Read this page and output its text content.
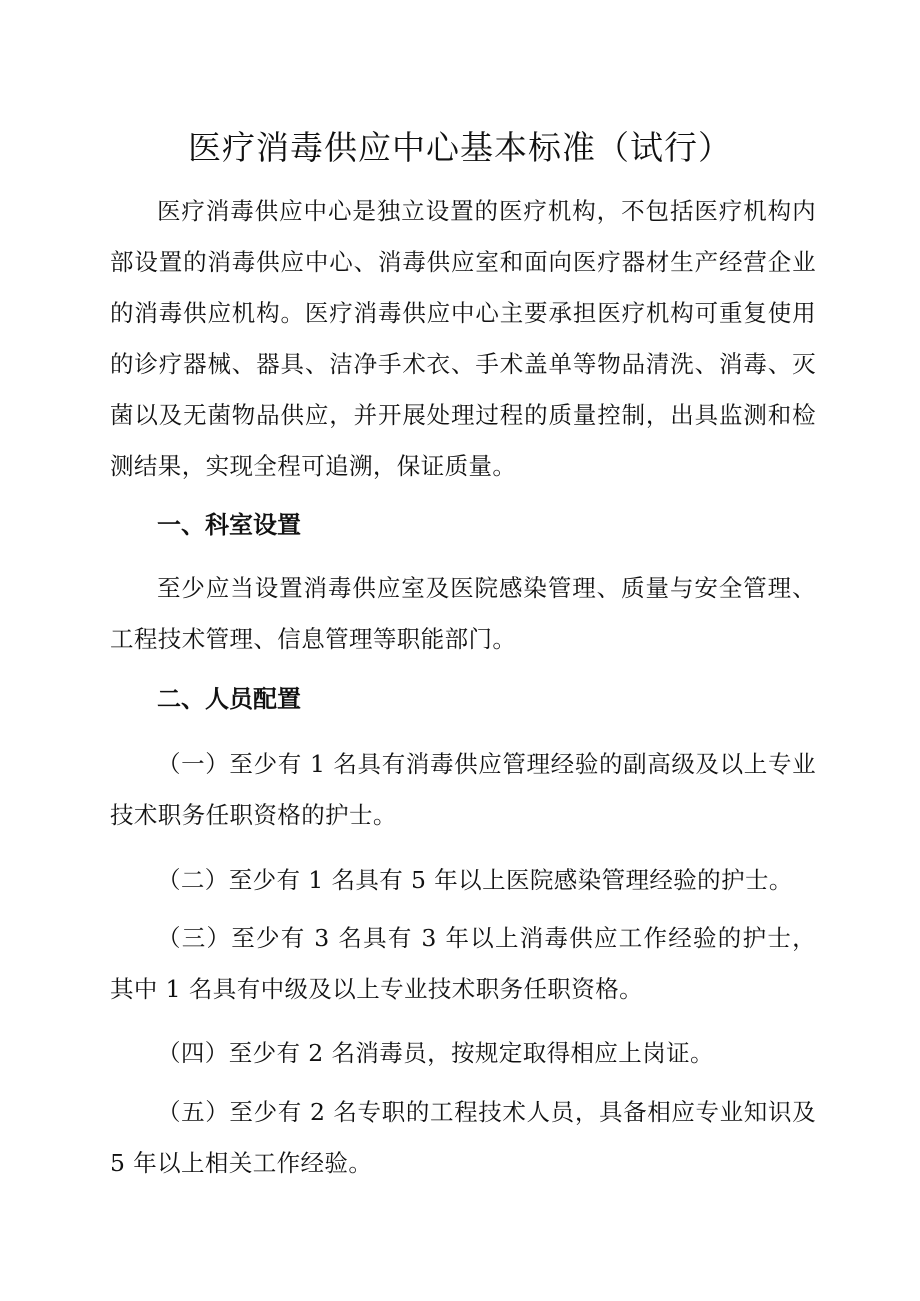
医疗消毒供应中心基本标准（试行）

医疗消毒供应中心是独立设置的医疗机构，不包括医疗机构内部设置的消毒供应中心、消毒供应室和面向医疗器材生产经营企业的消毒供应机构。医疗消毒供应中心主要承担医疗机构可重复使用的诊疗器械、器具、洁净手术衣、手术盖单等物品清洗、消毒、灭菌以及无菌物品供应，并开展处理过程的质量控制，出具监测和检测结果，实现全程可追溯，保证质量。

一、科室设置

至少应当设置消毒供应室及医院感染管理、质量与安全管理、工程技术管理、信息管理等职能部门。

二、人员配置

（一）至少有 1 名具有消毒供应管理经验的副高级及以上专业技术职务任职资格的护士。

（二）至少有 1 名具有 5 年以上医院感染管理经验的护士。

（三）至少有 3 名具有 3 年以上消毒供应工作经验的护士，其中 1 名具有中级及以上专业技术职务任职资格。

（四）至少有 2 名消毒员，按规定取得相应上岗证。

（五）至少有 2 名专职的工程技术人员，具备相应专业知识及 5 年以上相关工作经验。
